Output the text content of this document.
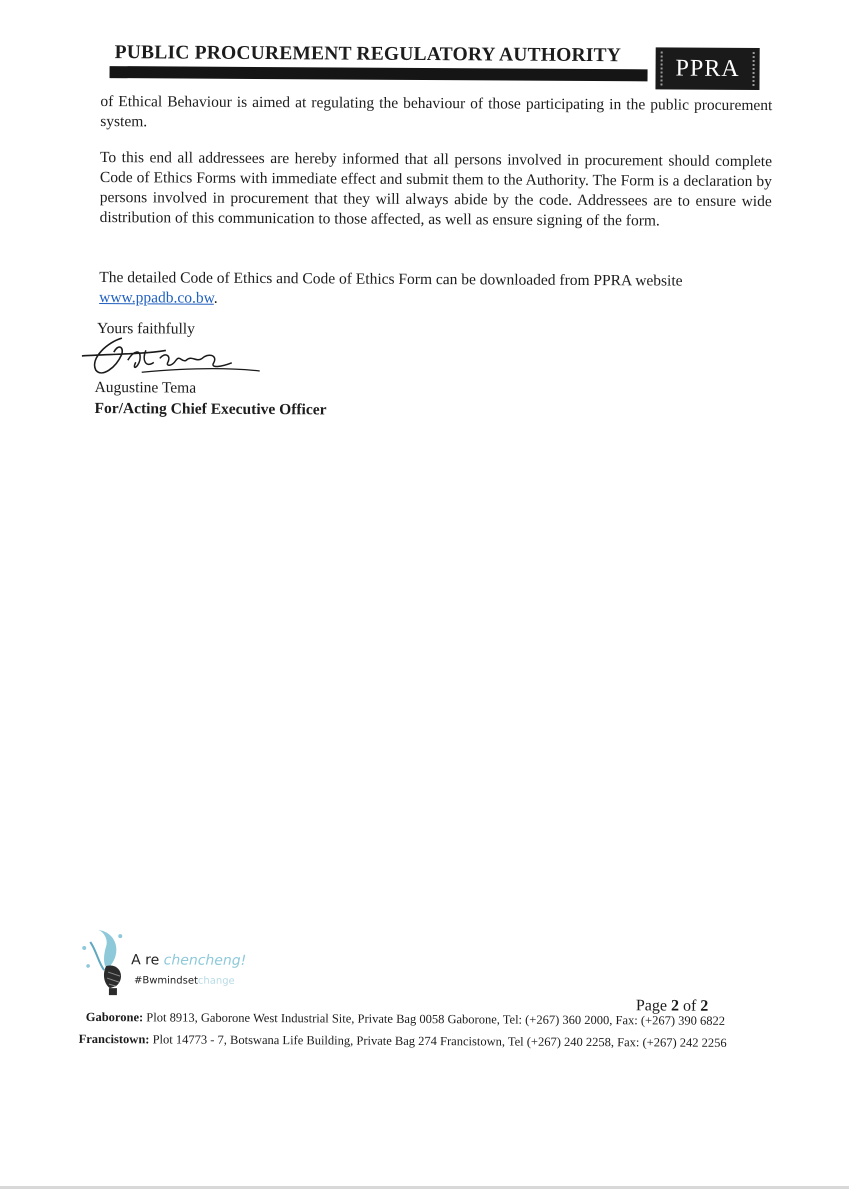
PUBLIC PROCUREMENT REGULATORY AUTHORITY
PPRA

of Ethical Behaviour is aimed at regulating the behaviour of those participating in the public procurement system.

To this end all addressees are hereby informed that all persons involved in procurement should complete Code of Ethics Forms with immediate effect and submit them to the Authority. The Form is a declaration by persons involved in procurement that they will always abide by the code. Addressees are to ensure wide distribution of this communication to those affected, as well as ensure signing of the form.

The detailed Code of Ethics and Code of Ethics Form can be downloaded from PPRA website
www.ppadb.co.bw.

Yours faithfully
Augustine Tema
For/Acting Chief Executive Officer
A re chencheng!
#Bwmindsetchange
Page 2 of 2
Gaborone: Plot 8913, Gaborone West Industrial Site, Private Bag 0058 Gaborone, Tel: (+267) 360 2000, Fax: (+267) 390 6822
Francistown: Plot 14773 - 7, Botswana Life Building, Private Bag 274 Francistown, Tel (+267) 240 2258, Fax: (+267) 242 2256
